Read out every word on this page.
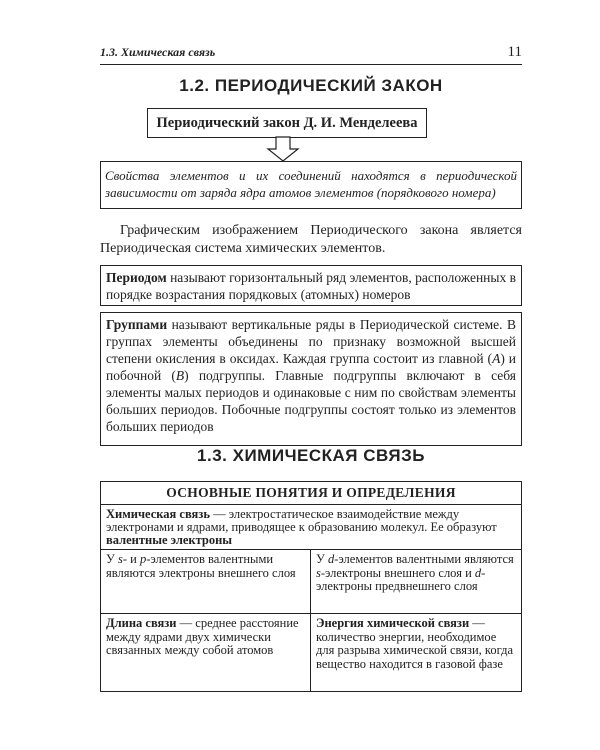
1.3. Химическая связь	11
1.2. ПЕРИОДИЧЕСКИЙ ЗАКОН
Периодический закон Д. И. Менделеева
Свойства элементов и их соединений находятся в периодической зависимости от заряда ядра атомов элементов (порядкового номера)
Графическим изображением Периодического закона является Периодическая система химических элементов.
Периодом называют горизонтальный ряд элементов, расположенных в порядке возрастания порядковых (атомных) номеров
Группами называют вертикальные ряды в Периодической системе. В группах элементы объединены по признаку возможной высшей степени окисления в оксидах. Каждая группа состоит из главной (A) и побочной (B) подгруппы. Главные подгруппы включают в себя элементы малых периодов и одинаковые с ним по свойствам элементы больших периодов. Побочные подгруппы состоят только из элементов больших периодов
1.3. ХИМИЧЕСКАЯ СВЯЗЬ
ОСНОВНЫЕ ПОНЯТИЯ И ОПРЕДЕЛЕНИЯ
Химическая связь — электростатическое взаимодействие между электронами и ядрами, приводящее к образованию молекул. Ее образуют валентные электроны
У s- и p-элементов валентными являются электроны внешнего слоя
У d-элементов валентными являются s-электроны внешнего слоя и d-электроны предвнешнего слоя
Длина связи — среднее расстояние между ядрами двух химически связанных между собой атомов
Энергия химической связи — количество энергии, необходимое для разрыва химической связи, когда вещество находится в газовой фазе
